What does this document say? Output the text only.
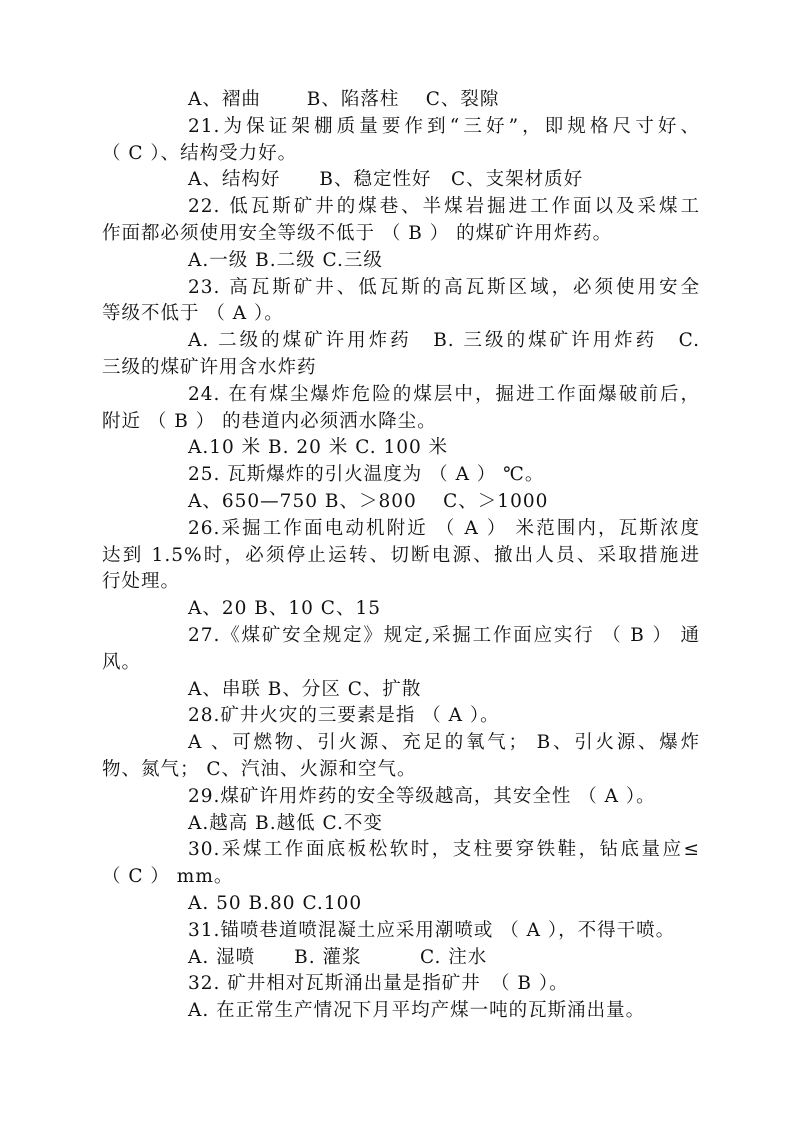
A、褶曲　　 B、陷落柱　 C、裂隙
21.为保证架棚质量要作到“三好”，即规格尺寸好、
（ C ）、结构受力好。
A、结构好　　B、稳定性好　C、支架材质好
22. 低瓦斯矿井的煤巷、半煤岩掘进工作面以及采煤工
作面都必须使用安全等级不低于 （ B ） 的煤矿许用炸药。
A.一级 B.二级 C.三级
23. 高瓦斯矿井、低瓦斯的高瓦斯区域，必须使用安全
等级不低于 （ A ）。
A. 二级的煤矿许用炸药　B. 三级的煤矿许用炸药　C.
三级的煤矿许用含水炸药
24. 在有煤尘爆炸危险的煤层中，掘进工作面爆破前后，
附近 （ B ） 的巷道内必须洒水降尘。
A.10 米 B. 20 米 C. 100 米
25. 瓦斯爆炸的引火温度为 （ A ） ℃。
A、650—750 B、＞800　 C、＞1000
26.采掘工作面电动机附近 （ A ） 米范围内，瓦斯浓度
达到 1.5%时，必须停止运转、切断电源、撤出人员、采取措施进
行处理。
A、20 B、10 C、15
27.《煤矿安全规定》规定,采掘工作面应实行 （ B ） 通
风。
A、串联 B、分区 C、扩散
28.矿井火灾的三要素是指 （ A ）。
A 、可燃物、引火源、充足的氧气； B、引火源、爆炸
物、氮气； C、汽油、火源和空气。
29.煤矿许用炸药的安全等级越高，其安全性 （ A ）。
A.越高 B.越低 C.不变
30.采煤工作面底板松软时，支柱要穿铁鞋，钻底量应≤
（ C ） mm。
A. 50 B.80 C.100
31.锚喷巷道喷混凝土应采用潮喷或 （ A ），不得干喷。
A. 湿喷　　B. 灌浆　　　C. 注水
32. 矿井相对瓦斯涌出量是指矿井　（ B ）。
A. 在正常生产情况下月平均产煤一吨的瓦斯涌出量。
